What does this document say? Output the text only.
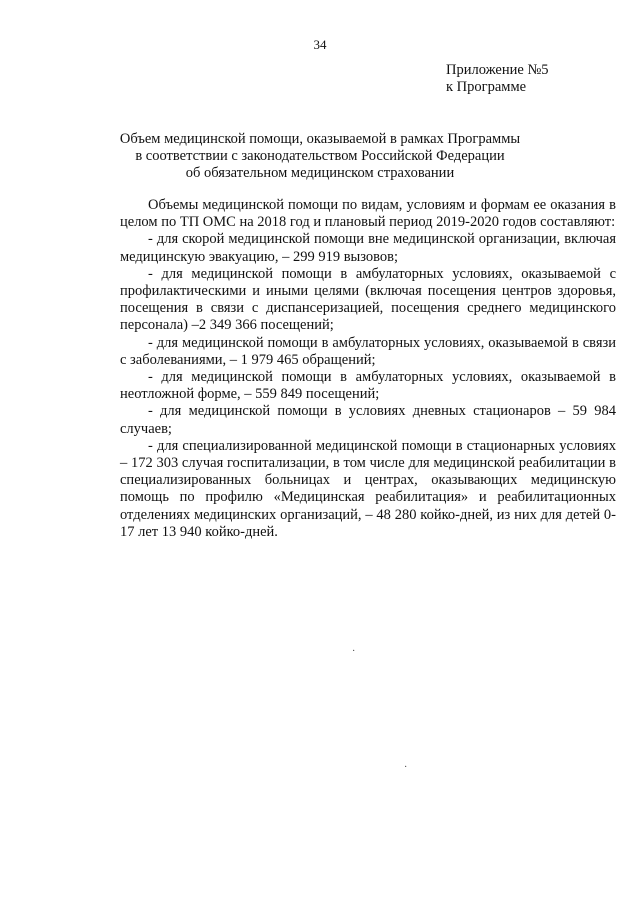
34
Приложение №5
к Программе
Объем медицинской помощи, оказываемой в рамках Программы
в соответствии с законодательством Российской Федерации
об обязательном медицинском страховании

Объемы медицинской помощи по видам, условиям и формам ее оказания в целом по ТП ОМС на 2018 год и плановый период 2019-2020 годов составляют:

- для скорой медицинской помощи вне медицинской организации, включая медицинскую эвакуацию, – 299 919 вызовов;

- для медицинской помощи в амбулаторных условиях, оказываемой с профилактическими и иными целями (включая посещения центров здоровья, посещения в связи с диспансеризацией, посещения среднего медицинского персонала) –2 349 366 посещений;

- для медицинской помощи в амбулаторных условиях, оказываемой в связи с заболеваниями, – 1 979 465 обращений;

- для медицинской помощи в амбулаторных условиях, оказываемой в неотложной форме, – 559 849 посещений;

- для медицинской помощи в условиях дневных стационаров – 59 984 случаев;

- для специализированной медицинской помощи в стационарных условиях – 172 303 случая госпитализации, в том числе для медицинской реабилитации в специализированных больницах и центрах, оказывающих медицинскую помощь по профилю «Медицинская реабилитация» и реабилитационных отделениях медицинских организаций, – 48 280 койко-дней, из них для детей 0-17 лет 13 940 койко-дней.

·
·
